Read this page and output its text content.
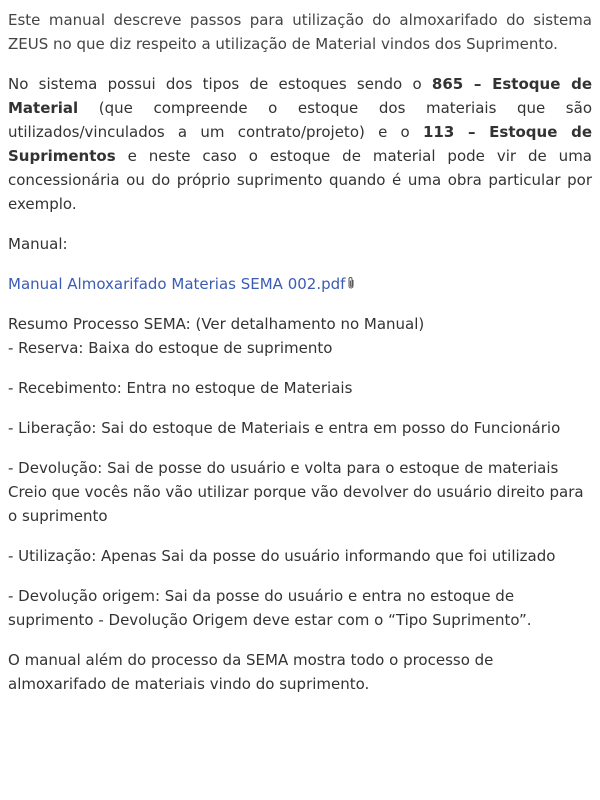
Este manual descreve passos para utilização do almoxarifado do sistema ZEUS no que diz respeito a utilização de Material vindos dos Suprimento.

No sistema possui dos tipos de estoques sendo o 865 – Estoque de Material (que compreende o estoque dos materiais que são utilizados/vinculados a um contrato/projeto) e o 113 – Estoque de Suprimentos e neste caso o estoque de material pode vir de uma concessionária ou do próprio suprimento quando é uma obra particular por exemplo.

Manual:

Manual Almoxarifado Materias SEMA 002.pdf

Resumo Processo SEMA: (Ver detalhamento no Manual)

- Reserva: Baixa do estoque de suprimento

- Recebimento: Entra no estoque de Materiais

- Liberação: Sai do estoque de Materiais e entra em posso do Funcionário

- Devolução: Sai de posse do usuário e volta para o estoque de materiais Creio que vocês não vão utilizar porque vão devolver do usuário direito para o suprimento

- Utilização: Apenas Sai da posse do usuário informando que foi utilizado

- Devolução origem: Sai da posse do usuário e entra no estoque de suprimento - Devolução Origem deve estar com o “Tipo Suprimento”.

O manual além do processo da SEMA mostra todo o processo de almoxarifado de materiais vindo do suprimento.
